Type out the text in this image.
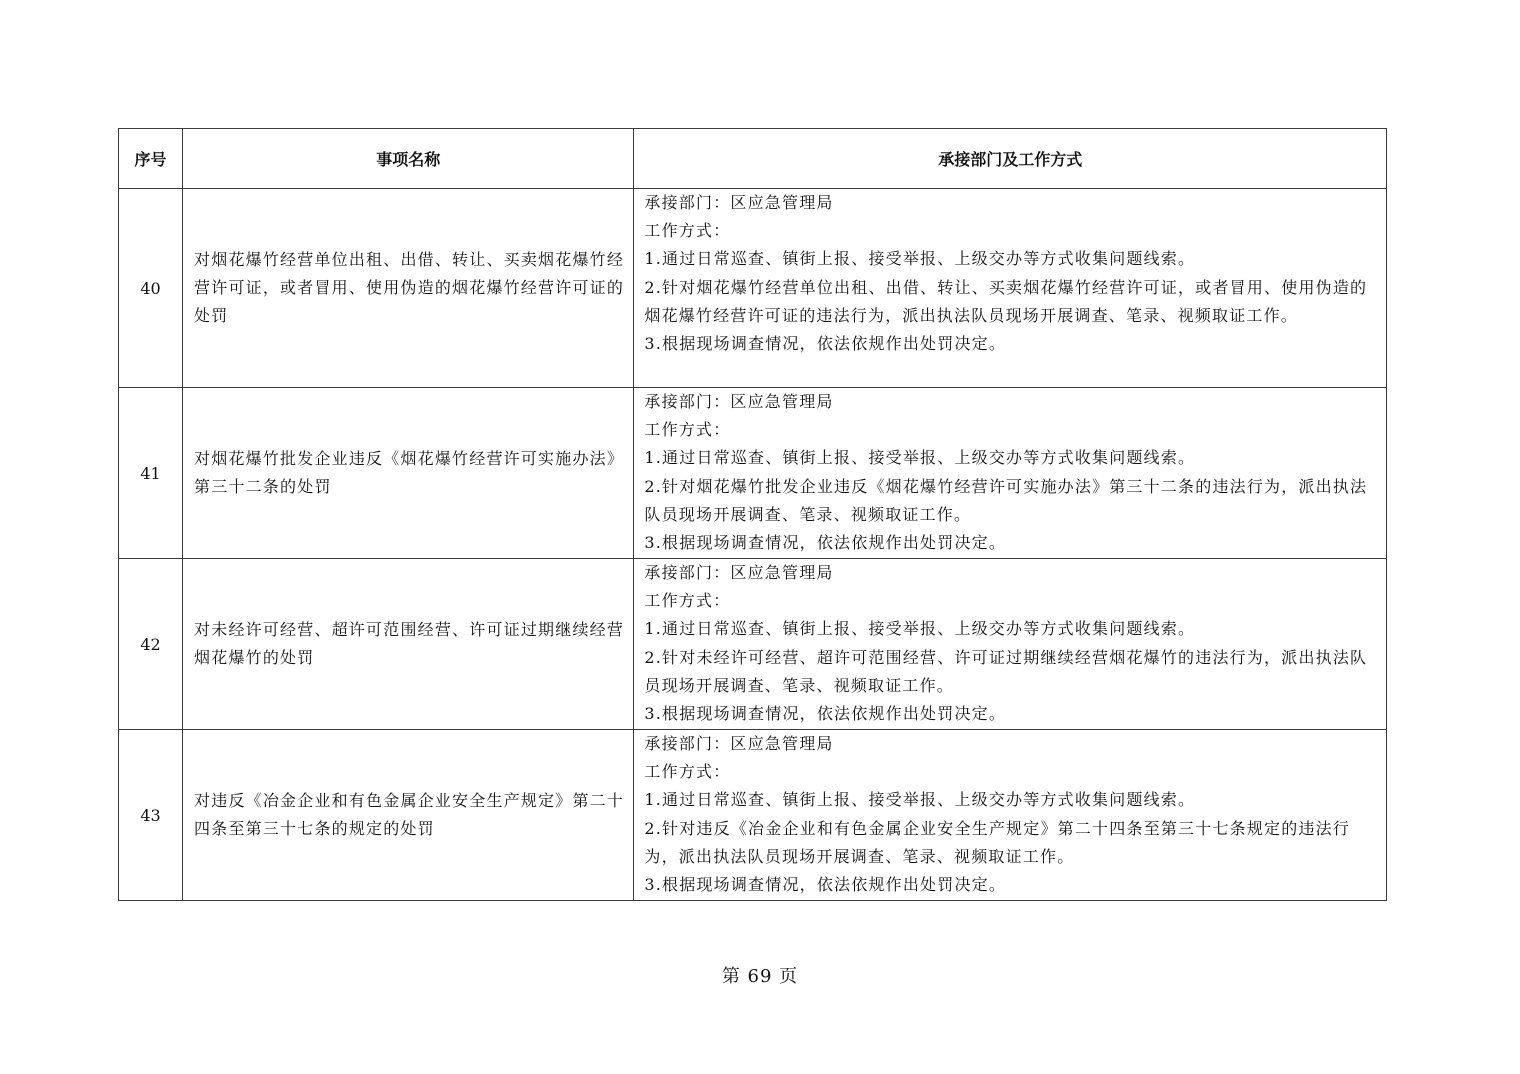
序号	事项名称	承接部门及工作方式
40	对烟花爆竹经营单位出租、出借、转让、买卖烟花爆竹经营许可证，或者冒用、使用伪造的烟花爆竹经营许可证的处罚	承接部门：区应急管理局
工作方式：
1.通过日常巡查、镇街上报、接受举报、上级交办等方式收集问题线索。
2.针对烟花爆竹经营单位出租、出借、转让、买卖烟花爆竹经营许可证，或者冒用、使用伪造的烟花爆竹经营许可证的违法行为，派出执法队员现场开展调查、笔录、视频取证工作。
3.根据现场调查情况，依法依规作出处罚决定。

41	对烟花爆竹批发企业违反《烟花爆竹经营许可实施办法》第三十二条的处罚	承接部门：区应急管理局
工作方式：
1.通过日常巡查、镇街上报、接受举报、上级交办等方式收集问题线索。
2.针对烟花爆竹批发企业违反《烟花爆竹经营许可实施办法》第三十二条的违法行为，派出执法队员现场开展调查、笔录、视频取证工作。
3.根据现场调查情况，依法依规作出处罚决定。

42	对未经许可经营、超许可范围经营、许可证过期继续经营烟花爆竹的处罚	承接部门：区应急管理局
工作方式：
1.通过日常巡查、镇街上报、接受举报、上级交办等方式收集问题线索。
2.针对未经许可经营、超许可范围经营、许可证过期继续经营烟花爆竹的违法行为，派出执法队员现场开展调查、笔录、视频取证工作。
3.根据现场调查情况，依法依规作出处罚决定。

43	对违反《冶金企业和有色金属企业安全生产规定》第二十四条至第三十七条的规定的处罚	承接部门：区应急管理局
工作方式：
1.通过日常巡查、镇街上报、接受举报、上级交办等方式收集问题线索。
2.针对违反《冶金企业和有色金属企业安全生产规定》第二十四条至第三十七条规定的违法行为，派出执法队员现场开展调查、笔录、视频取证工作。
3.根据现场调查情况，依法依规作出处罚决定。
第 69 页
